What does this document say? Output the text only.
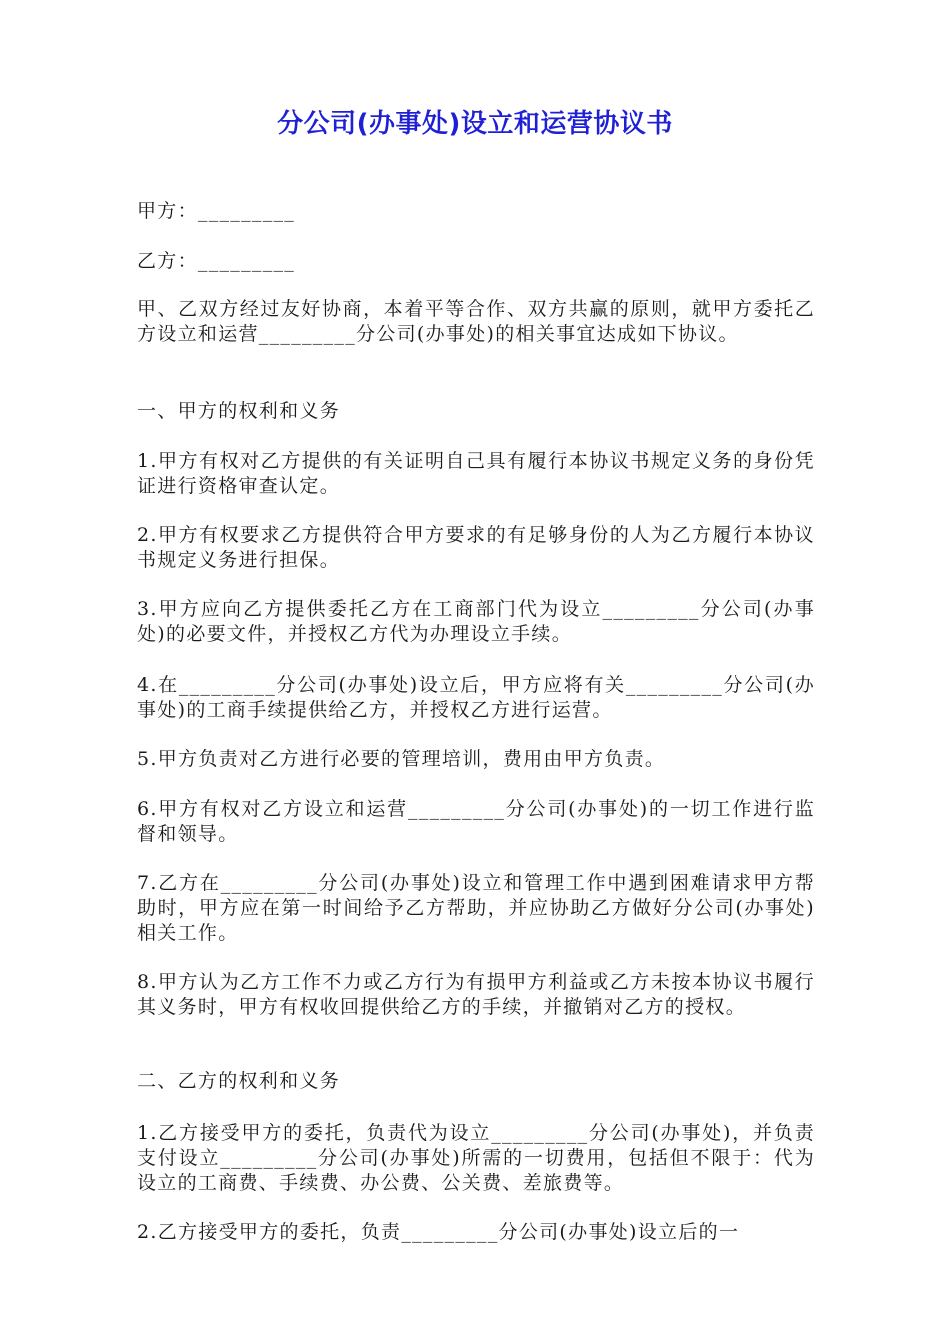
分公司(办事处)设立和运营协议书

甲方：_________

乙方：_________

甲、乙双方经过友好协商，本着平等合作、双方共赢的原则，就甲方委托乙方设立和运营_________分公司(办事处)的相关事宜达成如下协议。

一、甲方的权利和义务

1.甲方有权对乙方提供的有关证明自己具有履行本协议书规定义务的身份凭证进行资格审查认定。

2.甲方有权要求乙方提供符合甲方要求的有足够身份的人为乙方履行本协议书规定义务进行担保。

3.甲方应向乙方提供委托乙方在工商部门代为设立_________分公司(办事处)的必要文件，并授权乙方代为办理设立手续。

4.在_________分公司(办事处)设立后，甲方应将有关_________分公司(办事处)的工商手续提供给乙方，并授权乙方进行运营。

5.甲方负责对乙方进行必要的管理培训，费用由甲方负责。

6.甲方有权对乙方设立和运营_________分公司(办事处)的一切工作进行监督和领导。

7.乙方在_________分公司(办事处)设立和管理工作中遇到困难请求甲方帮助时，甲方应在第一时间给予乙方帮助，并应协助乙方做好分公司(办事处)相关工作。

8.甲方认为乙方工作不力或乙方行为有损甲方利益或乙方未按本协议书履行其义务时，甲方有权收回提供给乙方的手续，并撤销对乙方的授权。

二、乙方的权利和义务

1.乙方接受甲方的委托，负责代为设立_________分公司(办事处)，并负责支付设立_________分公司(办事处)所需的一切费用，包括但不限于：代为设立的工商费、手续费、办公费、公关费、差旅费等。

2.乙方接受甲方的委托，负责_________分公司(办事处)设立后的一
